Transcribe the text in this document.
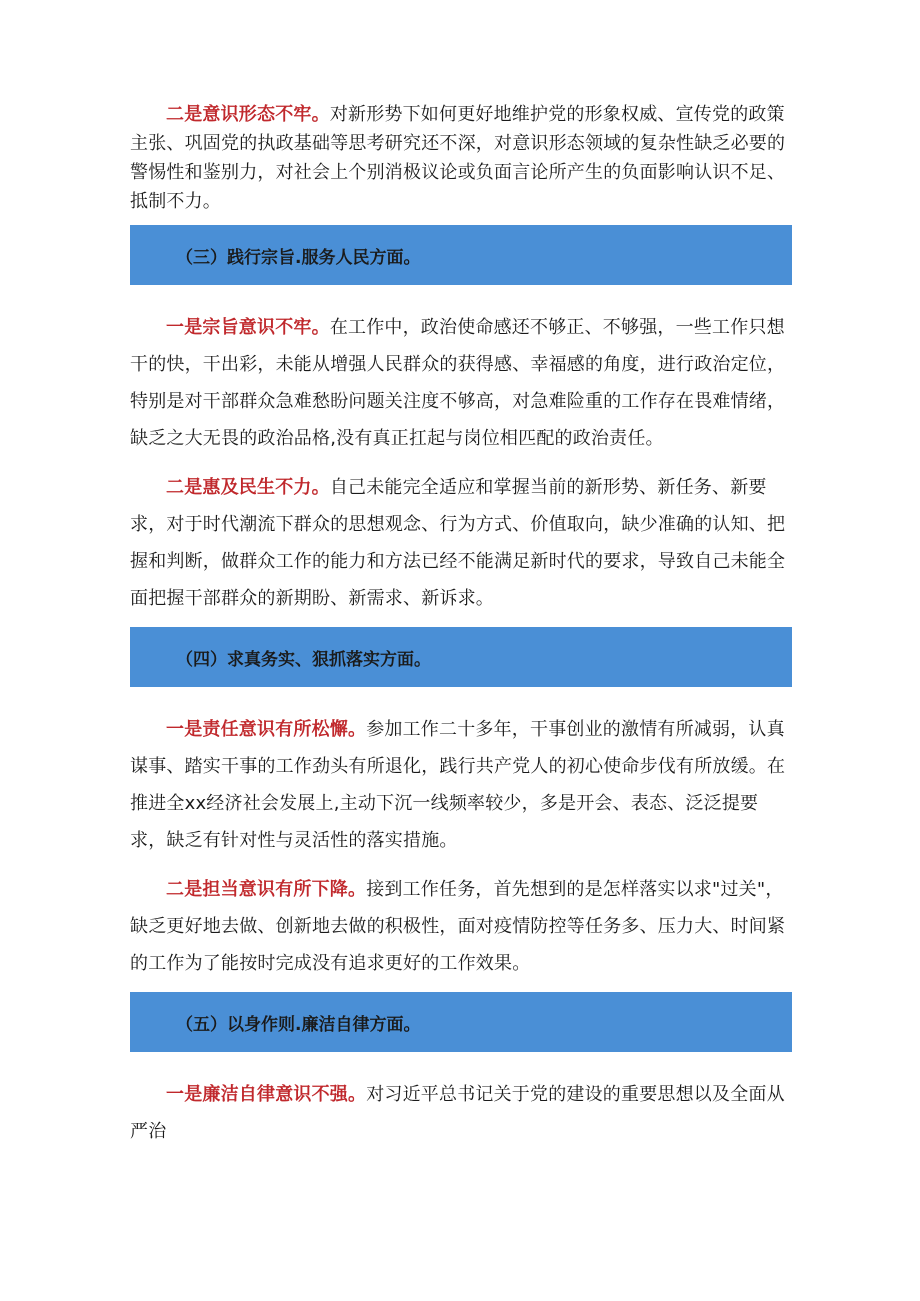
二是意识形态不牢。对新形势下如何更好地维护党的形象权威、宣传党的政策主张、巩固党的执政基础等思考研究还不深，对意识形态领域的复杂性缺乏必要的警惕性和鉴别力，对社会上个别消极议论或负面言论所产生的负面影响认识不足、抵制不力。

（三）践行宗旨.服务人民方面。

一是宗旨意识不牢。在工作中，政治使命感还不够正、不够强，一些工作只想干的快，干出彩，未能从增强人民群众的获得感、幸福感的角度，进行政治定位，特别是对干部群众急难愁盼问题关注度不够高，对急难险重的工作存在畏难情绪，缺乏之大无畏的政治品格,没有真正扛起与岗位相匹配的政治责任。

二是惠及民生不力。自己未能完全适应和掌握当前的新形势、新任务、新要求，对于时代潮流下群众的思想观念、行为方式、价值取向，缺少准确的认知、把握和判断，做群众工作的能力和方法已经不能满足新时代的要求，导致自己未能全面把握干部群众的新期盼、新需求、新诉求。

（四）求真务实、狠抓落实方面。

一是责任意识有所松懈。参加工作二十多年，干事创业的激情有所减弱，认真谋事、踏实干事的工作劲头有所退化，践行共产党人的初心使命步伐有所放缓。在推进全xx经济社会发展上,主动下沉一线频率较少，多是开会、表态、泛泛提要求，缺乏有针对性与灵活性的落实措施。

二是担当意识有所下降。接到工作任务，首先想到的是怎样落实以求"过关"，缺乏更好地去做、创新地去做的积极性，面对疫情防控等任务多、压力大、时间紧的工作为了能按时完成没有追求更好的工作效果。

（五）以身作则.廉洁自律方面。

一是廉洁自律意识不强。对习近平总书记关于党的建设的重要思想以及全面从严治
